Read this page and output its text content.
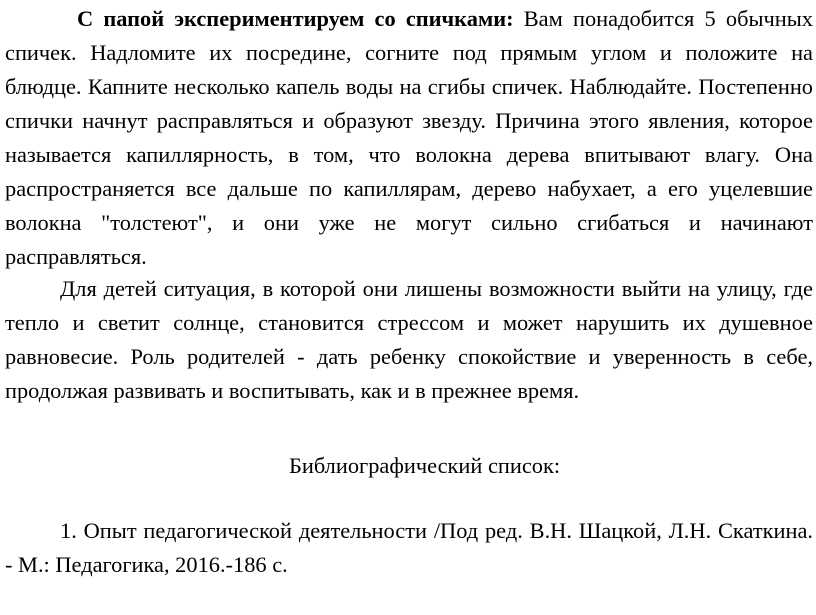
С папой экспериментируем со спичками: Вам понадобится 5 обычных спичек. Надломите их посредине, согните под прямым углом и положите на блюдце. Капните несколько капель воды на сгибы спичек. Наблюдайте. Постепенно спички начнут расправляться и образуют звезду. Причина этого явления, которое называется капиллярность, в том, что волокна дерева впитывают влагу. Она распространяется все дальше по капиллярам, дерево набухает, а его уцелевшие волокна "толстеют", и они уже не могут сильно сгибаться и начинают расправляться.

Для детей ситуация, в которой они лишены возможности выйти на улицу, где тепло и светит солнце, становится стрессом и может нарушить их душевное равновесие. Роль родителей - дать ребенку спокойствие и уверенность в себе, продолжая развивать и воспитывать, как и в прежнее время.

Библиографический список:

1. Опыт педагогической деятельности /Под ред. В.Н. Шацкой, Л.Н. Скаткина. - М.: Педагогика, 2016.-186 с.
